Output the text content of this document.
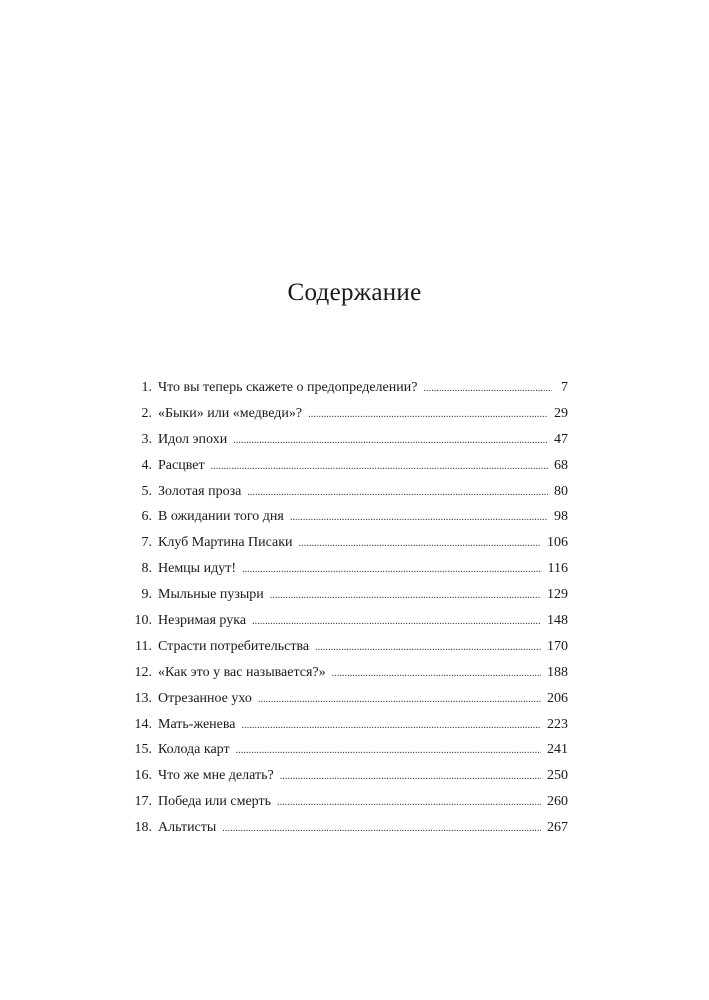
Содержание
1. Что вы теперь скажете о предопределении? . . .	7
2. «Быки» или «медведи»? . . .	29
3. Идол эпохи . . .	47
4. Расцвет . . .	68
5. Золотая проза . . .	80
6. В ожидании того дня . . .	98
7. Клуб Мартина Писаки . . .	106
8. Немцы идут! . . .	116
9. Мыльные пузыри . . .	129
10. Незримая рука . . .	148
11. Страсти потребительства . . .	170
12. «Как это у вас называется?» . . .	188
13. Отрезанное ухо . . .	206
14. Мать-женева . . .	223
15. Колода карт . . .	241
16. Что же мне делать? . . .	250
17. Победа или смерть . . .	260
18. Альтисты . . .	267
